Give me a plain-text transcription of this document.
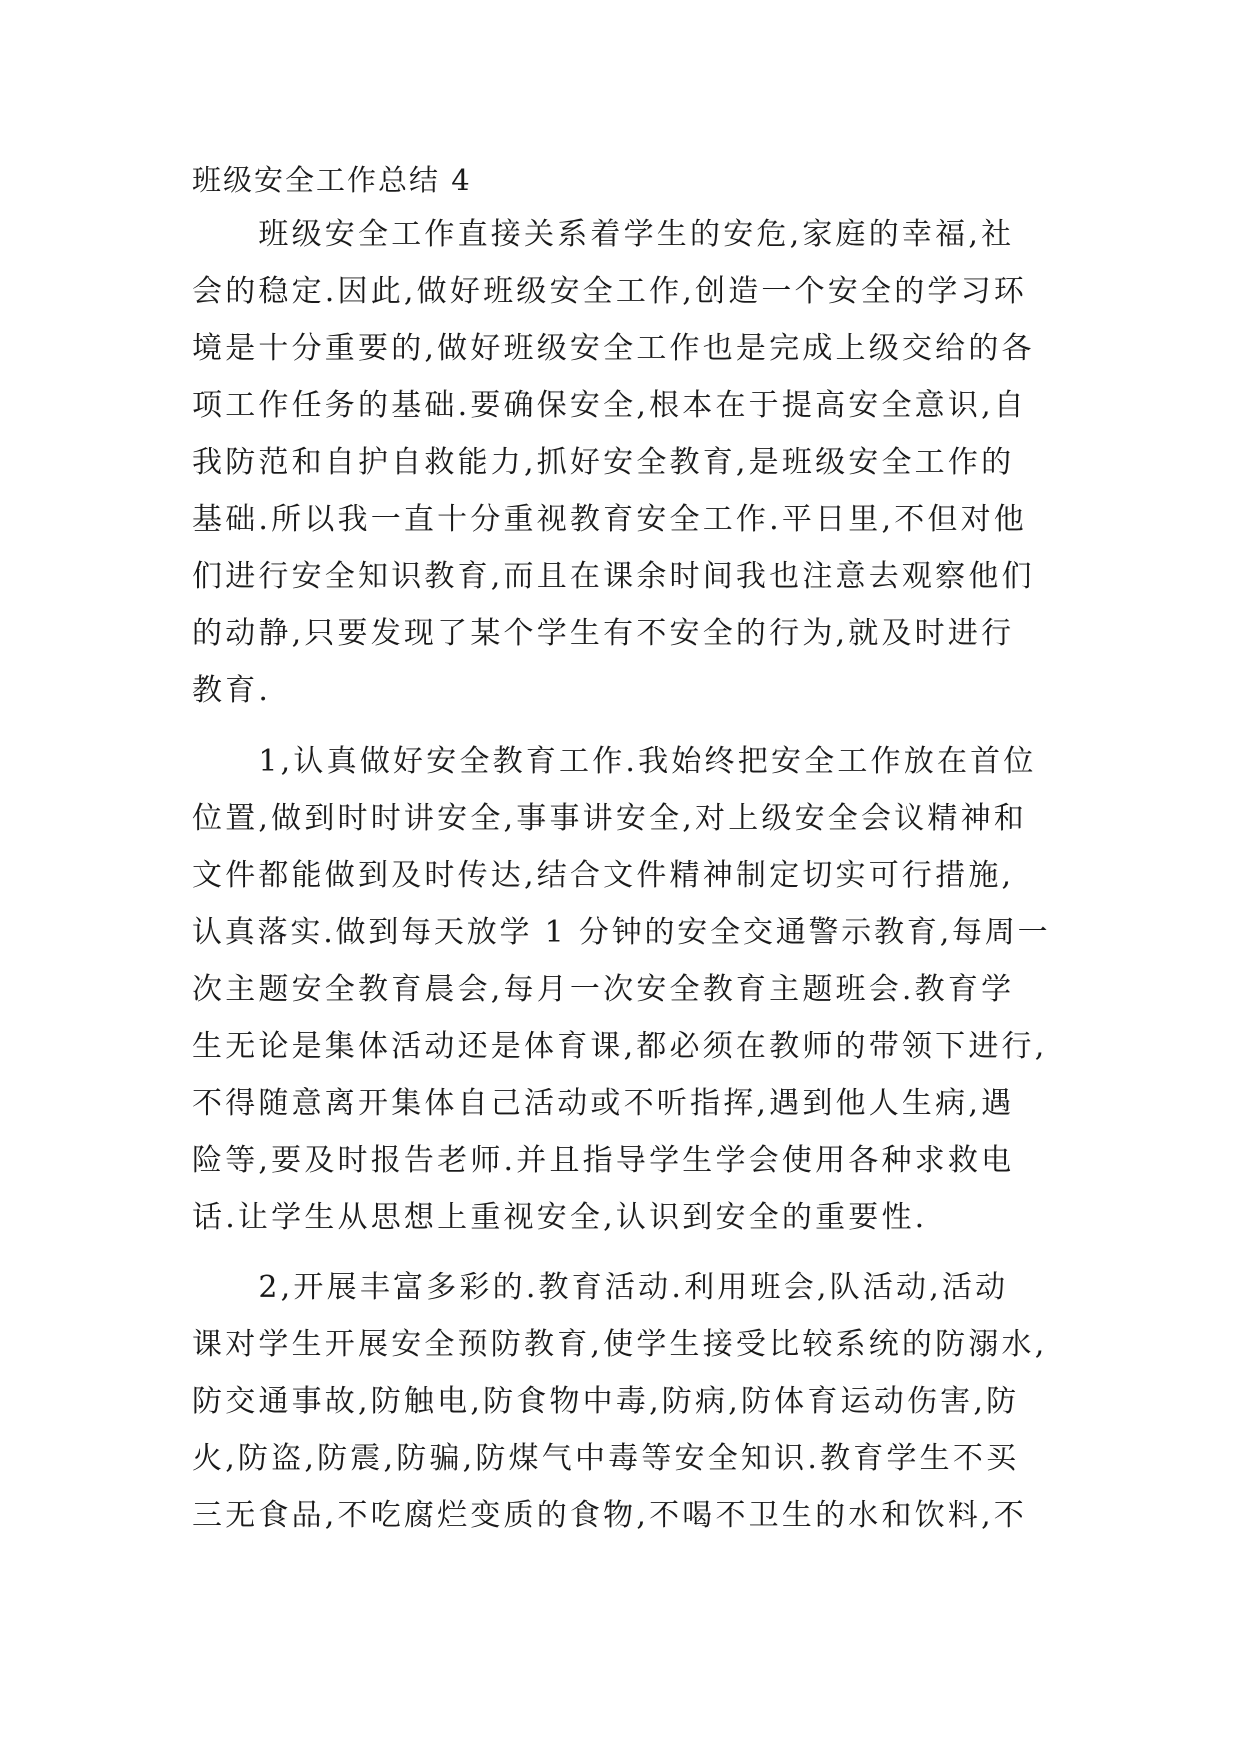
班级安全工作总结 4
　　班级安全工作直接关系着学生的安危,家庭的幸福,社
会的稳定.因此,做好班级安全工作,创造一个安全的学习环
境是十分重要的,做好班级安全工作也是完成上级交给的各
项工作任务的基础.要确保安全,根本在于提高安全意识,自
我防范和自护自救能力,抓好安全教育,是班级安全工作的
基础.所以我一直十分重视教育安全工作.平日里,不但对他
们进行安全知识教育,而且在课余时间我也注意去观察他们
的动静,只要发现了某个学生有不安全的行为,就及时进行
教育.
　　1,认真做好安全教育工作.我始终把安全工作放在首位
位置,做到时时讲安全,事事讲安全,对上级安全会议精神和
文件都能做到及时传达,结合文件精神制定切实可行措施,
认真落实.做到每天放学 1 分钟的安全交通警示教育,每周一
次主题安全教育晨会,每月一次安全教育主题班会.教育学
生无论是集体活动还是体育课,都必须在教师的带领下进行,
不得随意离开集体自己活动或不听指挥,遇到他人生病,遇
险等,要及时报告老师.并且指导学生学会使用各种求救电
话.让学生从思想上重视安全,认识到安全的重要性.
　　2,开展丰富多彩的.教育活动.利用班会,队活动,活动
课对学生开展安全预防教育,使学生接受比较系统的防溺水,
防交通事故,防触电,防食物中毒,防病,防体育运动伤害,防
火,防盗,防震,防骗,防煤气中毒等安全知识.教育学生不买
三无食品,不吃腐烂变质的食物,不喝不卫生的水和饮料,不
